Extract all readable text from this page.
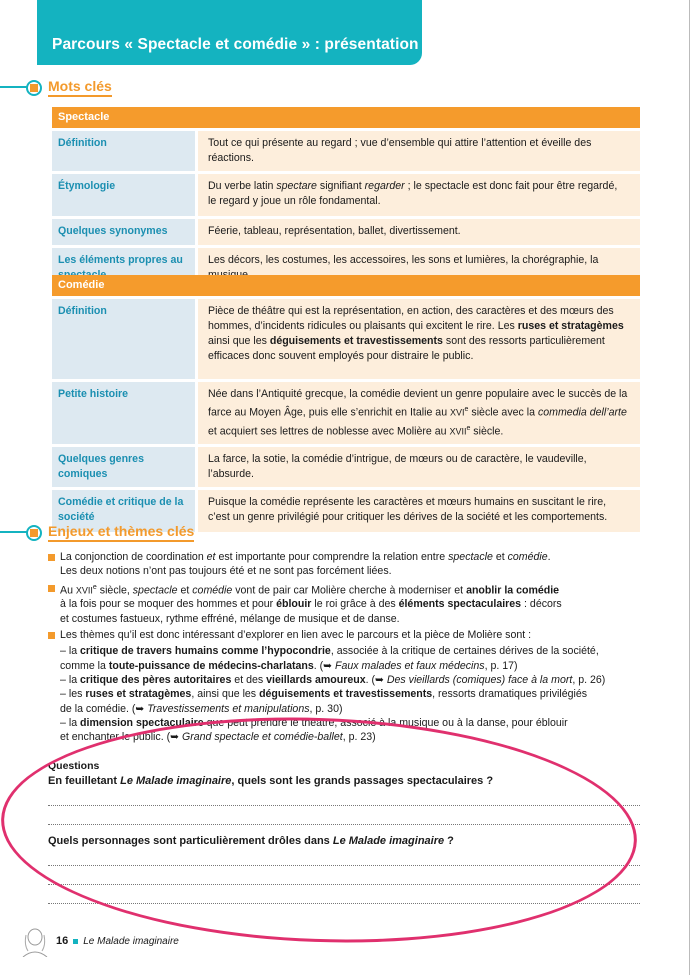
Parcours « Spectacle et comédie » : présentation
Mots clés
Spectacle		
Définition		Tout ce qui présente au regard ; vue d’ensemble qui attire l’attention et éveille des réactions.
Étymologie		Du verbe latin spectare signifiant regarder ; le spectacle est donc fait pour être regardé,
le regard y joue un rôle fondamental.
Quelques synonymes		Féerie, tableau, représentation, ballet, divertissement.
Les éléments propres au		Les décors, les costumes, les accessoires, les sons et lumières, la chorégraphie, la
Comédie		
Définition		Pièce de théâtre qui est la représentation, en action, des caractères et des mœurs des hommes, d’incidents ridicules ou plaisants qui excitent le rire. Les ruses et stratagèmes ainsi que les déguisements et travestissements sont des ressorts particulièrement efficaces donc souvent employés pour distraire le public.
Petite histoire		Née dans l’Antiquité grecque, la comédie devient un genre populaire avec le succès de la farce au Moyen Âge, puis elle s’enrichit en Italie au XVIe siècle avec la commedia dell’arte et acquiert ses lettres de noblesse avec Molière au XVIIe siècle.
Quelques genres comiques		La farce, la sotie, la comédie d’intrigue, de mœurs ou de caractère, le vaudeville, l’absurde.
Comédie et critique de la société		Puisque la comédie représente les caractères et mœurs humains en suscitant le rire, c’est un genre privilégié pour critiquer les dérives de la société et les comportements.
Enjeux et thèmes clés
La conjonction de coordination et est importante pour comprendre la relation entre spectacle et comédie.
Les deux notions n’ont pas toujours été et ne sont pas forcément liées.
Au XVIIe siècle, spectacle et comédie vont de pair car Molière cherche à moderniser et anoblir la comédie
à la fois pour se moquer des hommes et pour éblouir le roi grâce à des éléments spectaculaires : décors
et costumes fastueux, rythme effréné, mélange de musique et de danse.
Les thèmes qu’il est donc intéressant d’explorer en lien avec le parcours et la pièce de Molière sont :
– la critique de travers humains comme l’hypocondrie, associée à la critique de certaines dérives de la société,
comme la toute-puissance de médecins-charlatans. (➥ Faux malades et faux médecins, p. 17)
– la critique des pères autoritaires et des vieillards amoureux. (➥ Des vieillards (comiques) face à la mort, p. 26)
– les ruses et stratagèmes, ainsi que les déguisements et travestissements, ressorts dramatiques privilégiés
de la comédie. (➥ Travestissements et manipulations, p. 30)
– la dimension spectaculaire que peut prendre le théâtre, associé à la musique ou à la danse, pour éblouir
et enchanter le public. (➥ Grand spectacle et comédie-ballet, p. 23)
Questions
En feuilletant Le Malade imaginaire, quels sont les grands passages spectaculaires ?
Quels personnages sont particulièrement drôles dans Le Malade imaginaire ?
16 Le Malade imaginaire
